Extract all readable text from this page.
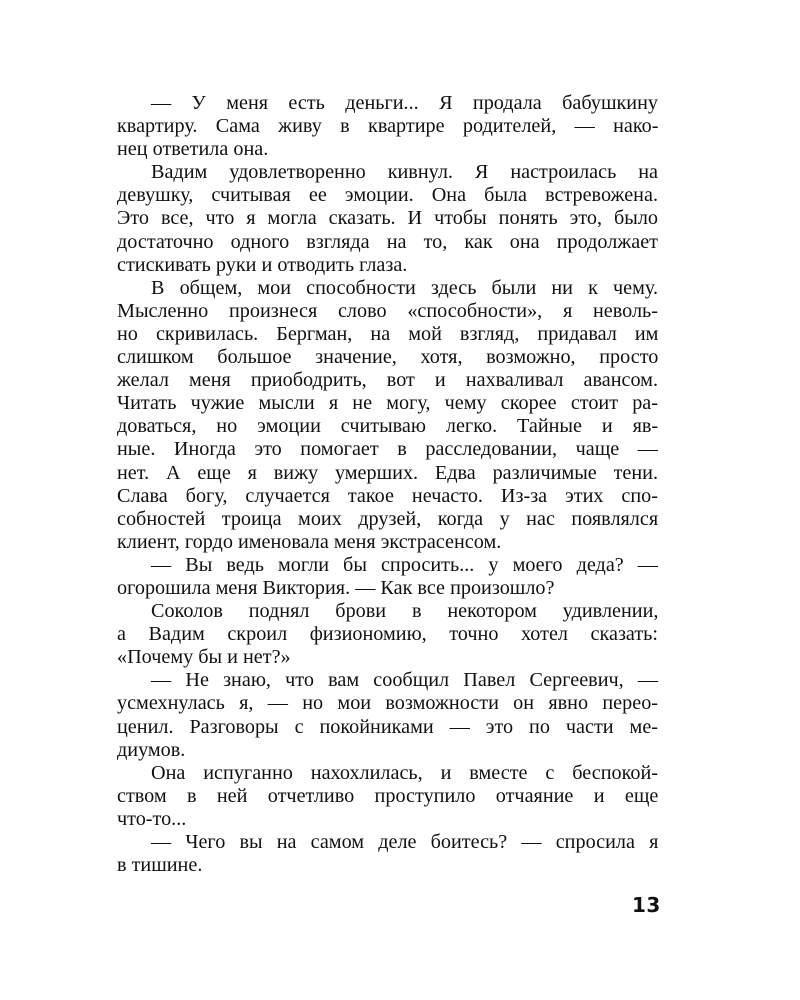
— У меня есть деньги... Я продала бабушкину
квартиру. Сама живу в квартире родителей, — нако-
нец ответила она.
Вадим удовлетворенно кивнул. Я настроилась на
девушку, считывая ее эмоции. Она была встревожена.
Это все, что я могла сказать. И чтобы понять это, было
достаточно одного взгляда на то, как она продолжает
стискивать руки и отводить глаза.
В общем, мои способности здесь были ни к чему.
Мысленно произнеся слово «способности», я неволь-
но скривилась. Бергман, на мой взгляд, придавал им
слишком большое значение, хотя, возможно, просто
желал меня приободрить, вот и нахваливал авансом.
Читать чужие мысли я не могу, чему скорее стоит ра-
доваться, но эмоции считываю легко. Тайные и яв-
ные. Иногда это помогает в расследовании, чаще —
нет. А еще я вижу умерших. Едва различимые тени.
Слава богу, случается такое нечасто. Из-за этих спо-
собностей троица моих друзей, когда у нас появлялся
клиент, гордо именовала меня экстрасенсом.
— Вы ведь могли бы спросить... у моего деда? —
огорошила меня Виктория. — Как все произошло?
Соколов поднял брови в некотором удивлении,
а Вадим скроил физиономию, точно хотел сказать:
«Почему бы и нет?»
— Не знаю, что вам сообщил Павел Сергеевич, —
усмехнулась я, — но мои возможности он явно переo-
ценил. Разговоры с покойниками — это по части ме-
диумов.
Она испуганно нахохлилась, и вместе с беспокой-
ством в ней отчетливо проступило отчаяние и еще
что-то...
— Чего вы на самом деле боитесь? — спросила я
в тишине.
13
